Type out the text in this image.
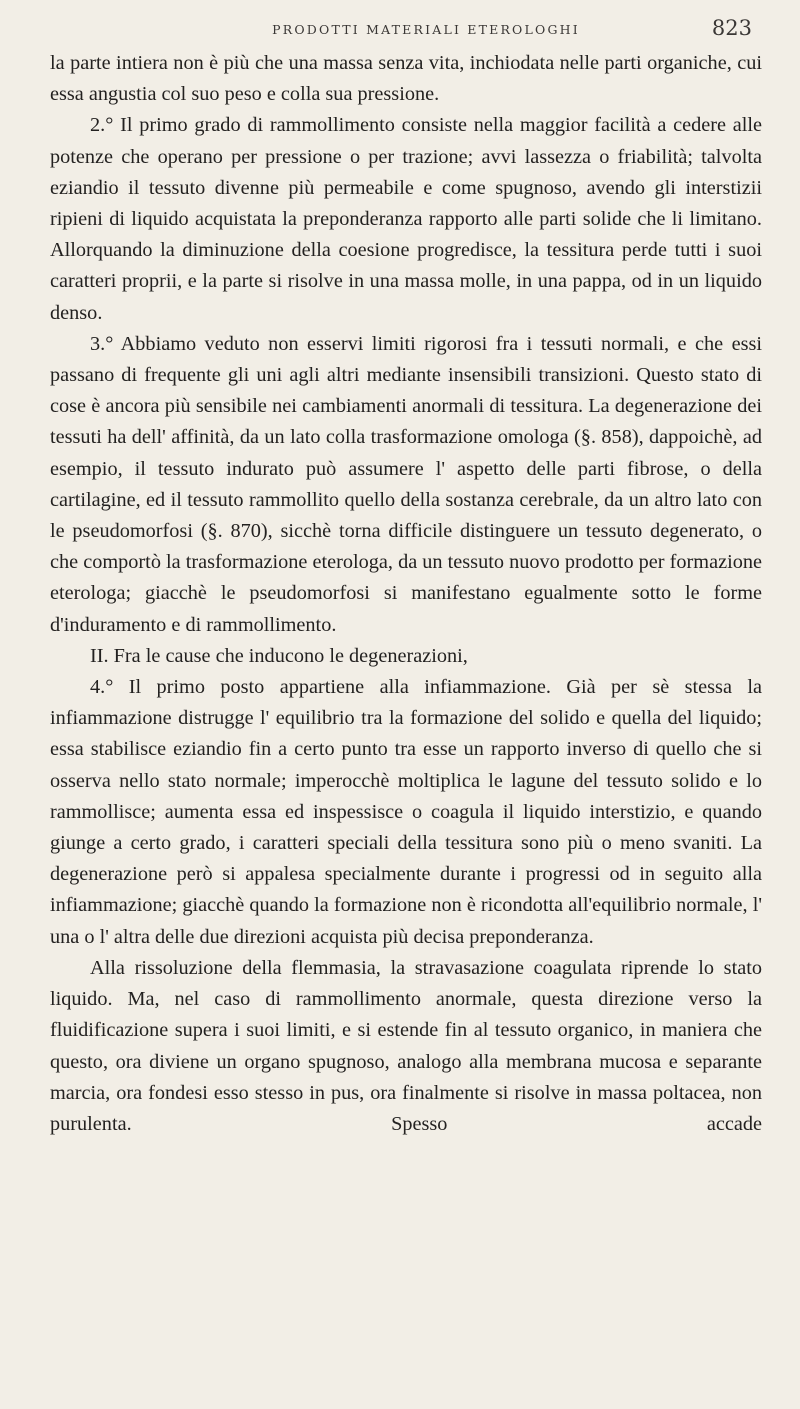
PRODOTTI MATERIALI ETEROLOGHI	823

la parte intiera non è più che una massa senza vita, inchiodata nelle parti organiche, cui essa angustia col suo peso e colla sua pressione.

2.° Il primo grado di rammollimento consiste nella maggior facilità a cedere alle potenze che operano per pressione o per trazione; avvi lassezza o friabilità; talvolta eziandio il tessuto divenne più permeabile e come spugnoso, avendo gli interstizii ripieni di liquido acquistata la preponderanza rapporto alle parti solide che li limitano. Allorquando la diminuzione della coesione progredisce, la tessitura perde tutti i suoi caratteri proprii, e la parte si risolve in una massa molle, in una pappa, od in un liquido denso.

3.° Abbiamo veduto non esservi limiti rigorosi fra i tessuti normali, e che essi passano di frequente gli uni agli altri mediante insensibili transizioni. Questo stato di cose è ancora più sensibile nei cambiamenti anormali di tessitura. La degenerazione dei tessuti ha dell' affinità, da un lato colla trasformazione omologa (§. 858), dappoichè, ad esempio, il tessuto indurato può assumere l' aspetto delle parti fibrose, o della cartilagine, ed il tessuto rammollito quello della sostanza cerebrale, da un altro lato con le pseudomorfosi (§. 870), sicchè torna difficile distinguere un tessuto degenerato, o che comportò la trasformazione eterologa, da un tessuto nuovo prodotto per formazione eterologa; giacchè le pseudomorfosi si manifestano egualmente sotto le forme d'induramento e di rammollimento.

II. Fra le cause che inducono le degenerazioni,

4.° Il primo posto appartiene alla infiammazione. Già per sè stessa la infiammazione distrugge l' equilibrio tra la formazione del solido e quella del liquido; essa stabilisce eziandio fin a certo punto tra esse un rapporto inverso di quello che si osserva nello stato normale; imperocchè moltiplica le lagune del tessuto solido e lo rammollisce; aumenta essa ed inspessisce o coagula il liquido interstizio, e quando giunge a certo grado, i caratteri speciali della tessitura sono più o meno svaniti. La degenerazione però si appalesa specialmente durante i progressi od in seguito alla infiammazione; giacchè quando la formazione non è ricondotta all'equilibrio normale, l' una o l' altra delle due direzioni acquista più decisa preponderanza.

Alla rissoluzione della flemmasia, la stravasazione coagulata riprende lo stato liquido. Ma, nel caso di rammollimento anormale, questa direzione verso la fluidificazione supera i suoi limiti, e si estende fin al tessuto organico, in maniera che questo, ora diviene un organo spugnoso, analogo alla membrana mucosa e separante marcia, ora fondesi esso stesso in pus, ora finalmente si risolve in massa poltacea, non purulenta. Spesso accade
